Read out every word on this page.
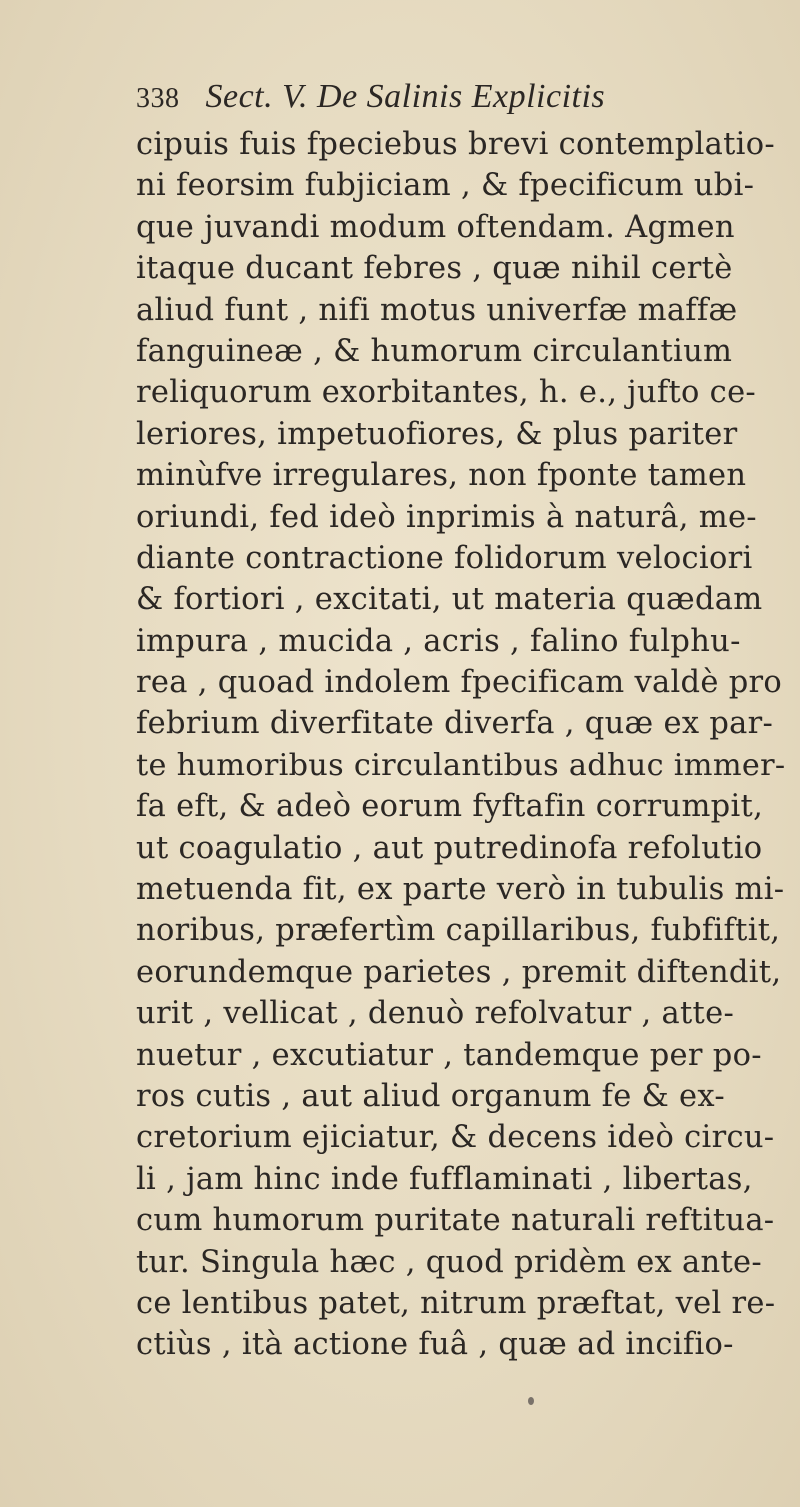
338 Sect. V. De Salinis Explicitis
cipuis fuis fpeciebus brevi contemplatio-
ni feorsim fubjiciam , & fpecificum ubi-
que juvandi modum oftendam. Agmen
itaque ducant febres , quæ nihil certè
aliud funt , nifi motus univerfæ maffæ
fanguineæ , & humorum circulantium
reliquorum exorbitantes, h. e., jufto ce-
leriores, impetuofiores, & plus pariter
minùfve irregulares, non fponte tamen
oriundi, fed ideò inprimis à naturâ, me-
diante contractione folidorum velociori
& fortiori , excitati, ut materia quædam
impura , mucida , acris , falino fulphu-
rea , quoad indolem fpecificam valdè pro
febrium diverfitate diverfa , quæ ex par-
te humoribus circulantibus adhuc immer-
fa eft, & adeò eorum fyftafin corrumpit,
ut coagulatio , aut putredinofa refolutio
metuenda fit, ex parte verò in tubulis mi-
noribus, præfertìm capillaribus, fubfiftit,
eorundemque parietes , premit diftendit,
urit , vellicat , denuò refolvatur , atte-
nuetur , excutiatur , tandemque per po-
ros cutis , aut aliud organum fe & ex-
cretorium ejiciatur, & decens ideò circu-
li , jam hinc inde fufflaminati , libertas,
cum humorum puritate naturali reftitua-
tur. Singula hæc , quod pridèm ex ante-
ce lentibus patet, nitrum præftat, vel re-
ctiùs , ità actione fuâ , quæ ad incifio-
